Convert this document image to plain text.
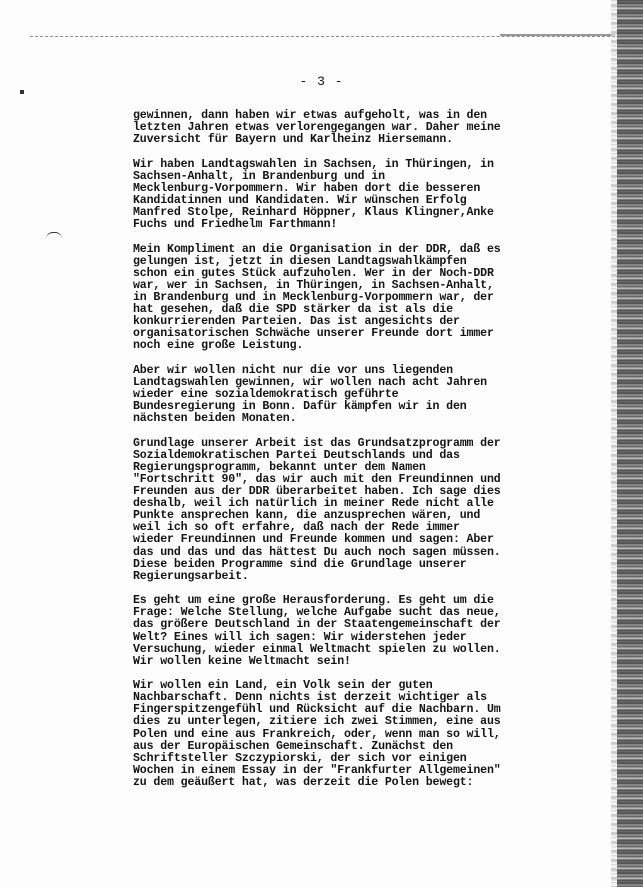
- 3 -

gewinnen, dann haben wir etwas aufgeholt, was in den
letzten Jahren etwas verlorengegangen war. Daher meine
Zuversicht für Bayern und Karlheinz Hiersemann.

Wir haben Landtagswahlen in Sachsen, in Thüringen, in
Sachsen-Anhalt, in Brandenburg und in
Mecklenburg-Vorpommern. Wir haben dort die besseren
Kandidatinnen und Kandidaten. Wir wünschen Erfolg
Manfred Stolpe, Reinhard Höppner, Klaus Klingner,Anke
Fuchs und Friedhelm Farthmann!

Mein Kompliment an die Organisation in der DDR, daß es
gelungen ist, jetzt in diesen Landtagswahlkämpfen
schon ein gutes Stück aufzuholen. Wer in der Noch-DDR
war, wer in Sachsen, in Thüringen, in Sachsen-Anhalt,
in Brandenburg und in Mecklenburg-Vorpommern war, der
hat gesehen, daß die SPD stärker da ist als die
konkurrierenden Parteien. Das ist angesichts der
organisatorischen Schwäche unserer Freunde dort immer
noch eine große Leistung.

Aber wir wollen nicht nur die vor uns liegenden
Landtagswahlen gewinnen, wir wollen nach acht Jahren
wieder eine sozialdemokratisch geführte
Bundesregierung in Bonn. Dafür kämpfen wir in den
nächsten beiden Monaten.

Grundlage unserer Arbeit ist das Grundsatzprogramm der
Sozialdemokratischen Partei Deutschlands und das
Regierungsprogramm, bekannt unter dem Namen
"Fortschritt 90", das wir auch mit den Freundinnen und
Freunden aus der DDR überarbeitet haben. Ich sage dies
deshalb, weil ich natürlich in meiner Rede nicht alle
Punkte ansprechen kann, die anzusprechen wären, und
weil ich so oft erfahre, daß nach der Rede immer
wieder Freundinnen und Freunde kommen und sagen: Aber
das und das und das hättest Du auch noch sagen müssen.
Diese beiden Programme sind die Grundlage unserer
Regierungsarbeit.

Es geht um eine große Herausforderung. Es geht um die
Frage: Welche Stellung, welche Aufgabe sucht das neue,
das größere Deutschland in der Staatengemeinschaft der
Welt? Eines will ich sagen: Wir widerstehen jeder
Versuchung, wieder einmal Weltmacht spielen zu wollen.
Wir wollen keine Weltmacht sein!

Wir wollen ein Land, ein Volk sein der guten
Nachbarschaft. Denn nichts ist derzeit wichtiger als
Fingerspitzengefühl und Rücksicht auf die Nachbarn. Um
dies zu unterlegen, zitiere ich zwei Stimmen, eine aus
Polen und eine aus Frankreich, oder, wenn man so will,
aus der Europäischen Gemeinschaft. Zunächst den
Schriftsteller Szczypiorski, der sich vor einigen
Wochen in einem Essay in der "Frankfurter Allgemeinen"
zu dem geäußert hat, was derzeit die Polen bewegt:
